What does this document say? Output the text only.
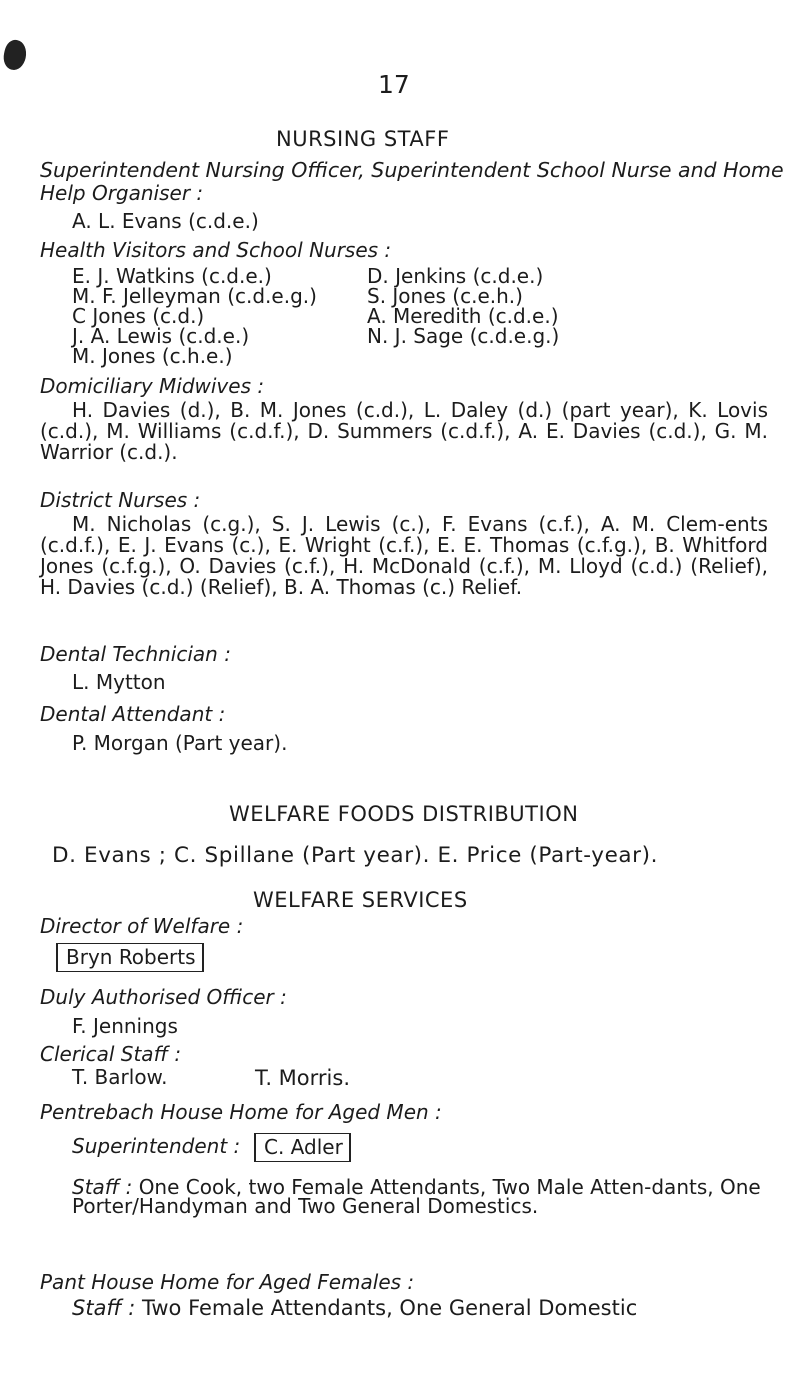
17
NURSING STAFF
Superintendent Nursing Officer, Superintendent School Nurse and Home
Help Organiser :
A. L. Evans (c.d.e.)
Health Visitors and School Nurses :
E. J. Watkins (c.d.e.)
M. F. Jelleyman (c.d.e.g.)
C Jones (c.d.)
J. A. Lewis (c.d.e.)
M. Jones (c.h.e.)
D. Jenkins (c.d.e.)
S. Jones (c.e.h.)
A. Meredith (c.d.e.)
N. J. Sage (c.d.e.g.)
Domiciliary Midwives :
H. Davies (d.), B. M. Jones (c.d.), L. Daley (d.) (part year), K. Lovis (c.d.), M. Williams (c.d.f.), D. Summers (c.d.f.), A. E. Davies (c.d.), G. M. Warrior (c.d.).
District Nurses :
M. Nicholas (c.g.), S. J. Lewis (c.), F. Evans (c.f.), A. M. Clem-ents (c.d.f.), E. J. Evans (c.), E. Wright (c.f.), E. E. Thomas (c.f.g.), B. Whitford Jones (c.f.g.), O. Davies (c.f.), H. McDonald (c.f.), M. Lloyd (c.d.) (Relief), H. Davies (c.d.) (Relief), B. A. Thomas (c.) Relief.
Dental Technician :
L. Mytton
Dental Attendant :
P. Morgan (Part year).
WELFARE FOODS DISTRIBUTION
D. Evans ; C. Spillane (Part year). E. Price (Part-year).
WELFARE SERVICES
Director of Welfare :
Bryn Roberts
Duly Authorised Officer :
F. Jennings
Clerical Staff :
T. Barlow.	T. Morris.
Pentrebach House Home for Aged Men :
Superintendent :	C. Adler
Staff : One Cook, two Female Attendants, Two Male Atten-dants, One Porter/Handyman and Two General Domestics.
Pant House Home for Aged Females :
Staff : Two Female Attendants, One General Domestic
